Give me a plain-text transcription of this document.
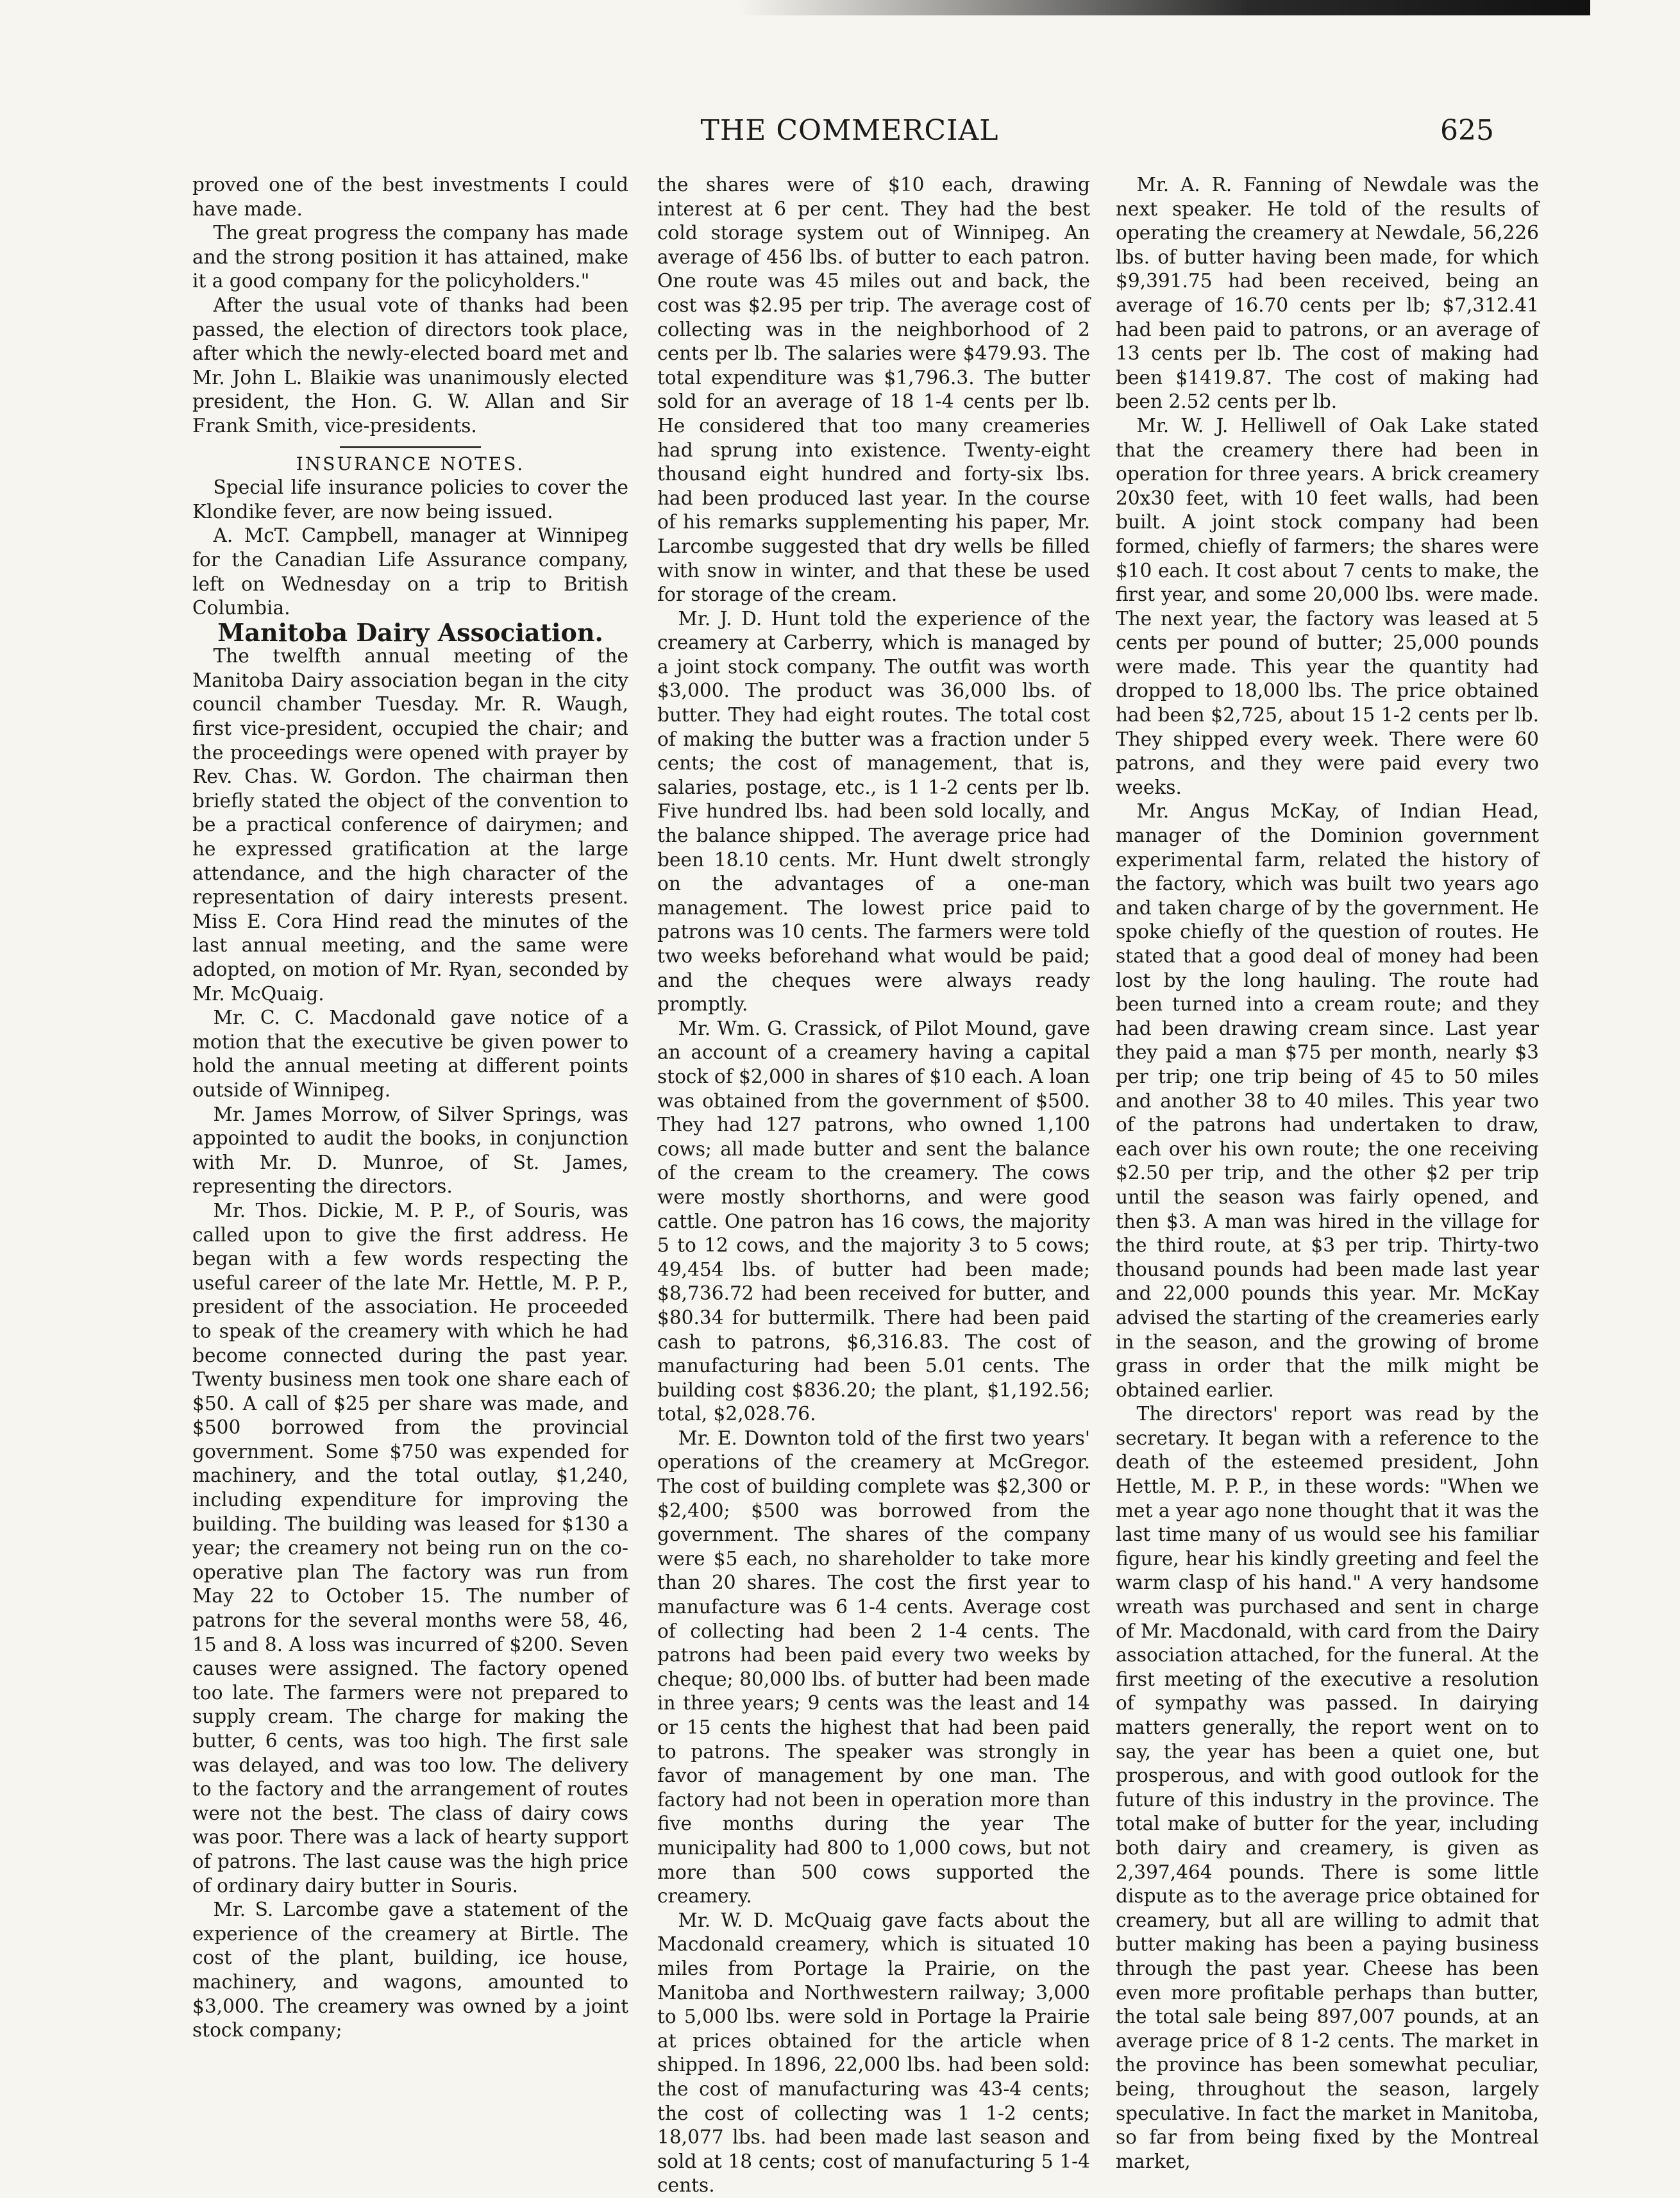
THE COMMERCIAL	625

proved one of the best investments I could have made.

The great progress the company has made and the strong position it has attained, make it a good company for the policyholders."

After the usual vote of thanks had been passed, the election of directors took place, after which the newly-elected board met and Mr. John L. Blaikie was unanimously elected president, the Hon. G. W. Allan and Sir Frank Smith, vice-presidents.

INSURANCE NOTES.

Special life insurance policies to cover the Klondike fever, are now being issued.

A. McT. Campbell, manager at Winnipeg for the Canadian Life Assurance company, left on Wednesday on a trip to British Columbia.

Manitoba Dairy Association.

The twelfth annual meeting of the Manitoba Dairy association began in the city council chamber Tuesday. Mr. R. Waugh, first vice-president, occupied the chair; and the proceedings were opened with prayer by Rev. Chas. W. Gordon. The chairman then briefly stated the object of the convention to be a practical conference of dairymen; and he expressed gratification at the large attendance, and the high character of the representation of dairy interests present. Miss E. Cora Hind read the minutes of the last annual meeting, and the same were adopted, on motion of Mr. Ryan, seconded by Mr. McQuaig.

Mr. C. C. Macdonald gave notice of a motion that the executive be given power to hold the annual meeting at different points outside of Winnipeg.

Mr. James Morrow, of Silver Springs, was appointed to audit the books, in conjunction with Mr. D. Munroe, of St. James, representing the directors.

Mr. Thos. Dickie, M. P. P., of Souris, was called upon to give the first address. He began with a few words respecting the useful career of the late Mr. Hettle, M. P. P., president of the association. He proceeded to speak of the creamery with which he had become connected during the past year. Twenty business men took one share each of $50. A call of $25 per share was made, and $500 borrowed from the provincial government. Some $750 was expended for machinery, and the total outlay, $1,240, including expenditure for improving the building. The building was leased for $130 a year; the creamery not being run on the co-operative plan The factory was run from May 22 to October 15. The number of patrons for the several months were 58, 46, 15 and 8. A loss was incurred of $200. Seven causes were assigned. The factory opened too late. The farmers were not prepared to supply cream. The charge for making the butter, 6 cents, was too high. The first sale was delayed, and was too low. The delivery to the factory and the arrangement of routes were not the best. The class of dairy cows was poor. There was a lack of hearty support of patrons. The last cause was the high price of ordinary dairy butter in Souris.

Mr. S. Larcombe gave a statement of the experience of the creamery at Birtle. The cost of the plant, building, ice house, machinery, and wagons, amounted to $3,000. The creamery was owned by a joint stock company;

the shares were of $10 each, drawing interest at 6 per cent. They had the best cold storage system out of Winnipeg. An average of 456 lbs. of butter to each patron. One route was 45 miles out and back, the cost was $2.95 per trip. The average cost of collecting was in the neighborhood of 2 cents per lb. The salaries were $479.93. The total expenditure was $1,796.3. The butter sold for an average of 18 1-4 cents per lb. He considered that too many creameries had sprung into existence. Twenty-eight thousand eight hundred and forty-six lbs. had been produced last year. In the course of his remarks supplementing his paper, Mr. Larcombe suggested that dry wells be filled with snow in winter, and that these be used for storage of the cream.

Mr. J. D. Hunt told the experience of the creamery at Carberry, which is managed by a joint stock company. The outfit was worth $3,000. The product was 36,000 lbs. of butter. They had eight routes. The total cost of making the butter was a fraction under 5 cents; the cost of management, that is, salaries, postage, etc., is 1 1-2 cents per lb. Five hundred lbs. had been sold locally, and the balance shipped. The average price had been 18.10 cents. Mr. Hunt dwelt strongly on the advantages of a one-man management. The lowest price paid to patrons was 10 cents. The farmers were told two weeks beforehand what would be paid; and the cheques were always ready promptly.

Mr. Wm. G. Crassick, of Pilot Mound, gave an account of a creamery having a capital stock of $2,000 in shares of $10 each. A loan was obtained from the government of $500. They had 127 patrons, who owned 1,100 cows; all made butter and sent the balance of the cream to the creamery. The cows were mostly shorthorns, and were good cattle. One patron has 16 cows, the majority 5 to 12 cows, and the majority 3 to 5 cows; 49,454 lbs. of butter had been made; $8,736.72 had been received for butter, and $80.34 for buttermilk. There had been paid cash to patrons, $6,316.83. The cost of manufacturing had been 5.01 cents. The building cost $836.20; the plant, $1,192.56; total, $2,028.76.

Mr. E. Downton told of the first two years' operations of the creamery at McGregor. The cost of building complete was $2,300 or $2,400; $500 was borrowed from the government. The shares of the company were $5 each, no shareholder to take more than 20 shares. The cost the first year to manufacture was 6 1-4 cents. Average cost of collecting had been 2 1-4 cents. The patrons had been paid every two weeks by cheque; 80,000 lbs. of butter had been made in three years; 9 cents was the least and 14 or 15 cents the highest that had been paid to patrons. The speaker was strongly in favor of management by one man. The factory had not been in operation more than five months during the year The municipality had 800 to 1,000 cows, but not more than 500 cows supported the creamery.

Mr. W. D. McQuaig gave facts about the Macdonald creamery, which is situated 10 miles from Portage la Prairie, on the Manitoba and Northwestern railway; 3,000 to 5,000 lbs. were sold in Portage la Prairie at prices obtained for the article when shipped. In 1896, 22,000 lbs. had been sold: the cost of manufacturing was 43-4 cents; the cost of collecting was 1 1-2 cents; 18,077 lbs. had been made last season and sold at 18 cents; cost of manufacturing 5 1-4 cents.

Mr. A. R. Fanning of Newdale was the next speaker. He told of the results of operating the creamery at Newdale, 56,226 lbs. of butter having been made, for which $9,391.75 had been received, being an average of 16.70 cents per lb; $7,312.41 had been paid to patrons, or an average of 13 cents per lb. The cost of making had been $1419.87. The cost of making had been 2.52 cents per lb.

Mr. W. J. Helliwell of Oak Lake stated that the creamery there had been in operation for three years. A brick creamery 20x30 feet, with 10 feet walls, had been built. A joint stock company had been formed, chiefly of farmers; the shares were $10 each. It cost about 7 cents to make, the first year, and some 20,000 lbs. were made. The next year, the factory was leased at 5 cents per pound of butter; 25,000 pounds were made. This year the quantity had dropped to 18,000 lbs. The price obtained had been $2,725, about 15 1-2 cents per lb. They shipped every week. There were 60 patrons, and they were paid every two weeks.

Mr. Angus McKay, of Indian Head, manager of the Dominion government experimental farm, related the history of the factory, which was built two years ago and taken charge of by the government. He spoke chiefly of the question of routes. He stated that a good deal of money had been lost by the long hauling. The route had been turned into a cream route; and they had been drawing cream since. Last year they paid a man $75 per month, nearly $3 per trip; one trip being of 45 to 50 miles and another 38 to 40 miles. This year two of the patrons had undertaken to draw, each over his own route; the one receiving $2.50 per trip, and the other $2 per trip until the season was fairly opened, and then $3. A man was hired in the village for the third route, at $3 per trip. Thirty-two thousand pounds had been made last year and 22,000 pounds this year. Mr. McKay advised the starting of the creameries early in the season, and the growing of brome grass in order that the milk might be obtained earlier.

The directors' report was read by the secretary. It began with a reference to the death of the esteemed president, John Hettle, M. P. P., in these words: "When we met a year ago none thought that it was the last time many of us would see his familiar figure, hear his kindly greeting and feel the warm clasp of his hand." A very handsome wreath was purchased and sent in charge of Mr. Macdonald, with card from the Dairy association attached, for the funeral. At the first meeting of the executive a resolution of sympathy was passed. In dairying matters generally, the report went on to say, the year has been a quiet one, but prosperous, and with good outlook for the future of this industry in the province. The total make of butter for the year, including both dairy and creamery, is given as 2,397,464 pounds. There is some little dispute as to the average price obtained for creamery, but all are willing to admit that butter making has been a paying business through the past year. Cheese has been even more profitable perhaps than butter, the total sale being 897,007 pounds, at an average price of 8 1-2 cents. The market in the province has been somewhat peculiar, being, throughout the season, largely speculative. In fact the market in Manitoba, so far from being fixed by the Montreal market,
